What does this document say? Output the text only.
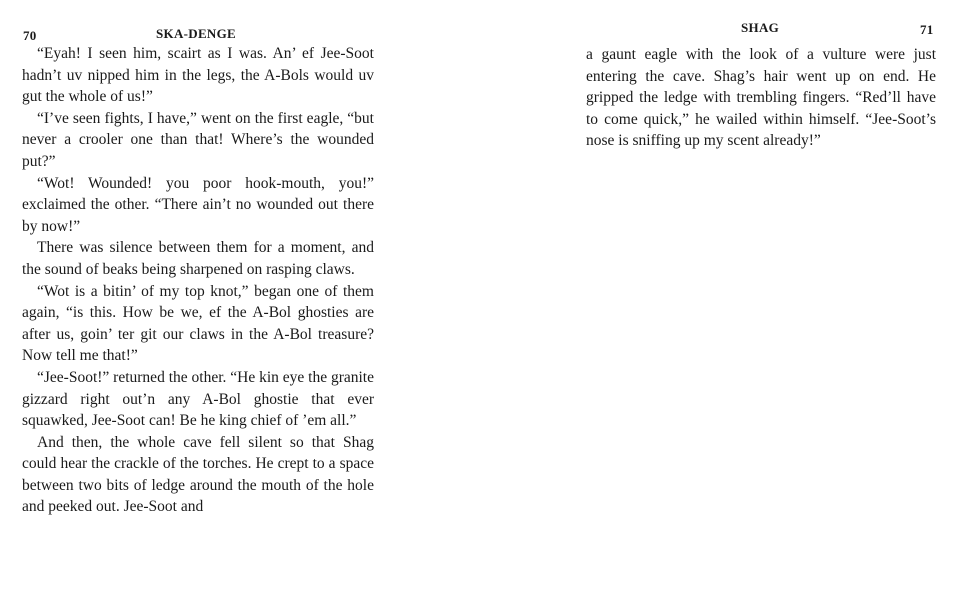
70	SKA-DENGE

“Eyah! I seen him, scairt as I was. An’ ef Jee-Soot hadn’t uv nipped him in the legs, the A-Bols would uv gut the whole of us!”

“I’ve seen fights, I have,” went on the first eagle, “but never a crooler one than that! Where’s the wounded put?”

“Wot! Wounded! you poor hook-mouth, you!” exclaimed the other. “There ain’t no wounded out there by now!”

There was silence between them for a moment, and the sound of beaks being sharpened on rasping claws.

“Wot is a bitin’ of my top knot,” began one of them again, “is this. How be we, ef the A-Bol ghosties are after us, goin’ ter git our claws in the A-Bol treasure? Now tell me that!”

“Jee-Soot!” returned the other. “He kin eye the granite gizzard right out’n any A-Bol ghostie that ever squawked, Jee-Soot can! Be he king chief of ’em all.”

And then, the whole cave fell silent so that Shag could hear the crackle of the torches. He crept to a space between two bits of ledge around the mouth of the hole and peeked out. Jee-Soot and

SHAG	71

a gaunt eagle with the look of a vulture were just entering the cave. Shag’s hair went up on end. He gripped the ledge with trembling fingers. “Red’ll have to come quick,” he wailed within himself. “Jee-Soot’s nose is sniffing up my scent already!”
